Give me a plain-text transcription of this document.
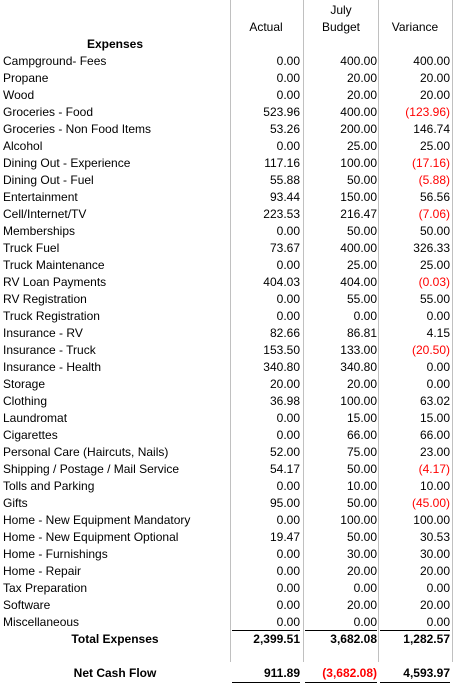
July
Actual	Budget	Variance
Expenses
Campground- Fees	0.00	400.00	400.00
Propane	0.00	20.00	20.00
Wood	0.00	20.00	20.00
Groceries - Food	523.96	400.00	(123.96)
Groceries - Non Food Items	53.26	200.00	146.74
Alcohol	0.00	25.00	25.00
Dining Out - Experience	117.16	100.00	(17.16)
Dining Out - Fuel	55.88	50.00	(5.88)
Entertainment	93.44	150.00	56.56
Cell/Internet/TV	223.53	216.47	(7.06)
Memberships	0.00	50.00	50.00
Truck Fuel	73.67	400.00	326.33
Truck Maintenance	0.00	25.00	25.00
RV Loan Payments	404.03	404.00	(0.03)
RV Registration	0.00	55.00	55.00
Truck Registration	0.00	0.00	0.00
Insurance - RV	82.66	86.81	4.15
Insurance - Truck	153.50	133.00	(20.50)
Insurance - Health	340.80	340.80	0.00
Storage	20.00	20.00	0.00
Clothing	36.98	100.00	63.02
Laundromat	0.00	15.00	15.00
Cigarettes	0.00	66.00	66.00
Personal Care (Haircuts, Nails)	52.00	75.00	23.00
Shipping / Postage / Mail Service	54.17	50.00	(4.17)
Tolls and Parking	0.00	10.00	10.00
Gifts	95.00	50.00	(45.00)
Home - New Equipment Mandatory	0.00	100.00	100.00
Home - New Equipment Optional	19.47	50.00	30.53
Home - Furnishings	0.00	30.00	30.00
Home - Repair	0.00	20.00	20.00
Tax Preparation	0.00	0.00	0.00
Software	0.00	20.00	20.00
Miscellaneous	0.00	0.00	0.00
Total Expenses	2,399.51	3,682.08	1,282.57
Net Cash Flow	911.89	(3,682.08)	4,593.97
